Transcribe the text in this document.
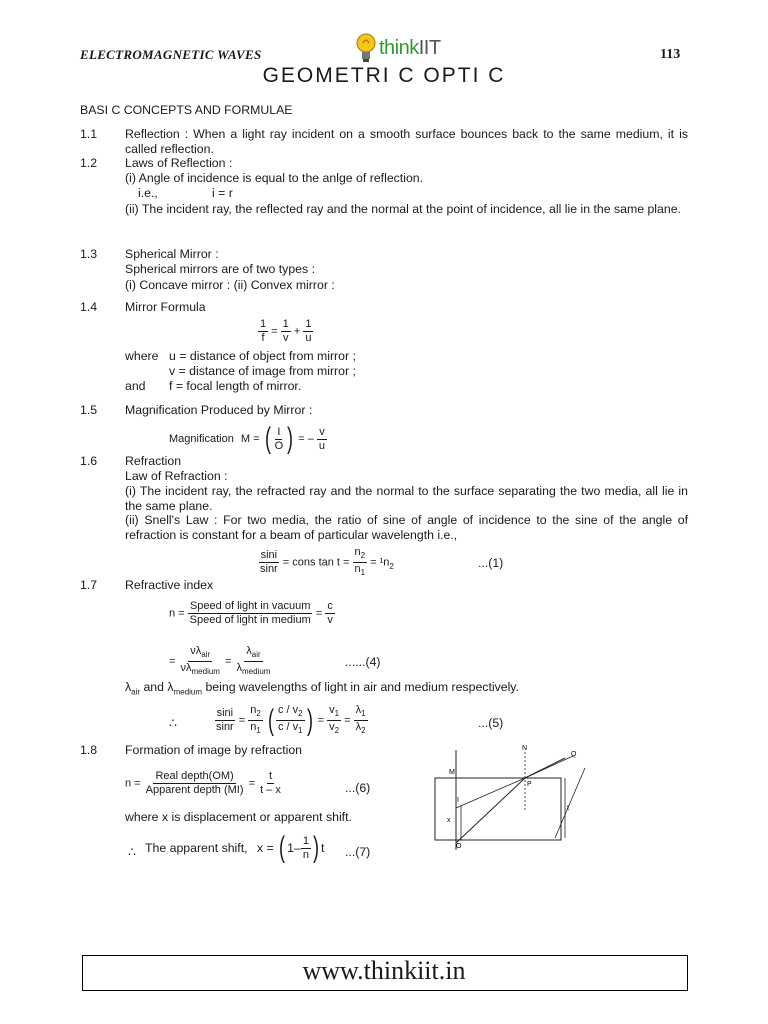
ELECTROMAGNETIC WAVES	thinkIIT	113
GEOMETRI C OPTI C
BASI C CONCEPTS AND FORMULAE
1.1 Reflection : When a light ray incident on a smooth surface bounces back to the same medium, it is called reflection.
1.2 Laws of Reflection :
(i) Angle of incidence is equal to the anlge of reflection.
i.e.,	i = r
(ii) The incident ray, the reflected ray and the normal at the point of incidence, all lie in the same plane.
1.3 Spherical Mirror :
Spherical mirrors are of two types :
(i) Concave mirror : (ii) Convex mirror :
1.4 Mirror Formula
$\frac{1}{f} = \frac{1}{v} + \frac{1}{u}$
where u = distance of object from mirror ;
v = distance of image from mirror ;
and f = focal length of mirror.
1.5 Magnification Produced by Mirror :
Magnification M = ( $\frac{I}{O}$ ) = – $\frac{v}{u}$
1.6 Refraction
Law of Refraction :
(i) The incident ray, the refracted ray and the normal to the surface separating the two media, all lie in the same plane.
(ii) Snell's Law : For two media, the ratio of sine of angle of incidence to the sine of the angle of refraction is constant for a beam of particular wavelength i.e.,
$\frac{\sin i}{\sin r}$ = cons $\tan t = \frac{n_2}{n_1} = ^1n_2$	...(1)
1.7 Refractive index
$n = \frac{\text{Speed of light in vacuum}}{\text{Speed of light in medium}} = \frac{c}{v}$
= $\frac{\nu\lambda_{air}}{\nu\lambda_{medium}} = \frac{\lambda_{air}}{\lambda_{medium}}$	......(4)
$\lambda_{air}$ and $\lambda_{medium}$ being wavelengths of light in air and medium respectively.
∴	$\frac{\sin i}{\sin r} = \frac{n_2}{n_1}$ ( $\frac{c / v_2}{c / v_1}$ ) = $\frac{v_1}{v_2} = \frac{\lambda_1}{\lambda_2}$	...(5)
1.8 Formation of image by refraction
$n = \frac{\text{Real depth(OM)}}{\text{Apparent depth (MI)}} = \frac{t}{t - x}$	...(6)
where x is displacement or apparent shift.
∴ The apparent shift, x = ( $1- \frac{1}{n}$ ) t ...(7)
N
Q
M
P
I
x
O
t
www.thinkiit.in
